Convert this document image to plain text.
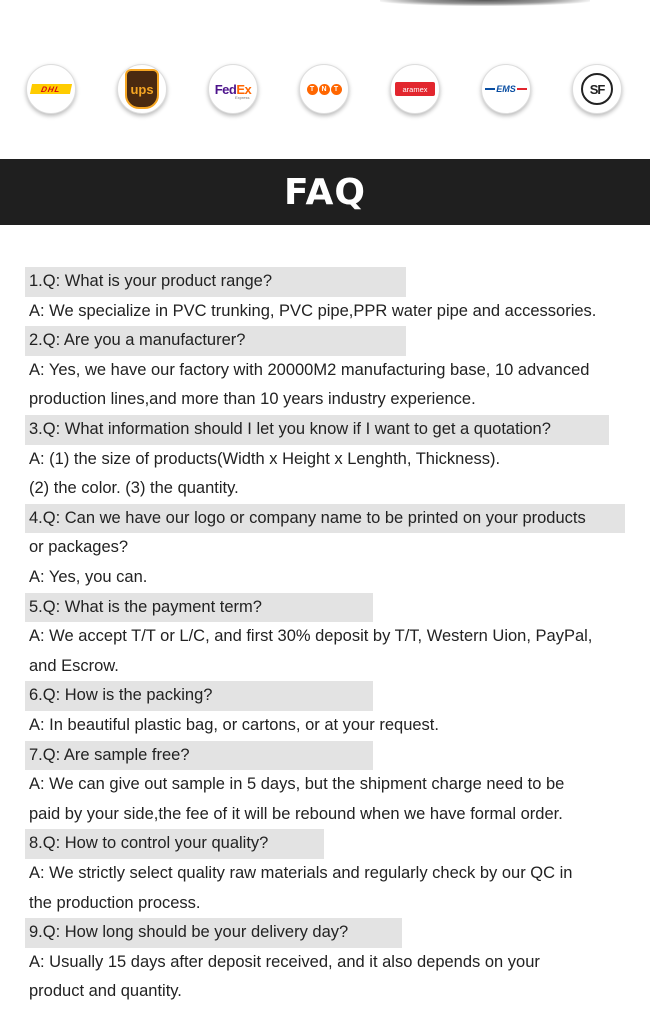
DHL	ups	FedEx
Express
T	N	T	aramex	EMS	SF
FAQ
1.Q: What is your product range?
A: We specialize in PVC trunking, PVC pipe,PPR water pipe and accessories.
2.Q: Are you a manufacturer?
A: Yes, we have our factory with 20000M2 manufacturing base, 10 advanced
production lines,and more than 10 years industry experience.
3.Q: What information should I let you know if I want to get a quotation?
A: (1) the size of products(Width x Height x Lenghth, Thickness).
(2) the color. (3) the quantity.
4.Q: Can we have our logo or company name to be printed on your products
or packages?
A: Yes, you can.
5.Q: What is the payment term?
A: We accept T/T or L/C, and first 30% deposit by T/T, Western Uion, PayPal,
and Escrow.
6.Q: How is the packing?
A: In beautiful plastic bag, or cartons, or at your request.
7.Q: Are sample free?
A: We can give out sample in 5 days, but the shipment charge need to be
paid by your side,the fee of it will be rebound when we have formal order.
8.Q: How to control your quality?
A: We strictly select quality raw materials and regularly check by our QC in
the production process.
9.Q: How long should be your delivery day?
A: Usually 15 days after deposit received, and it also depends on your
product and quantity.
